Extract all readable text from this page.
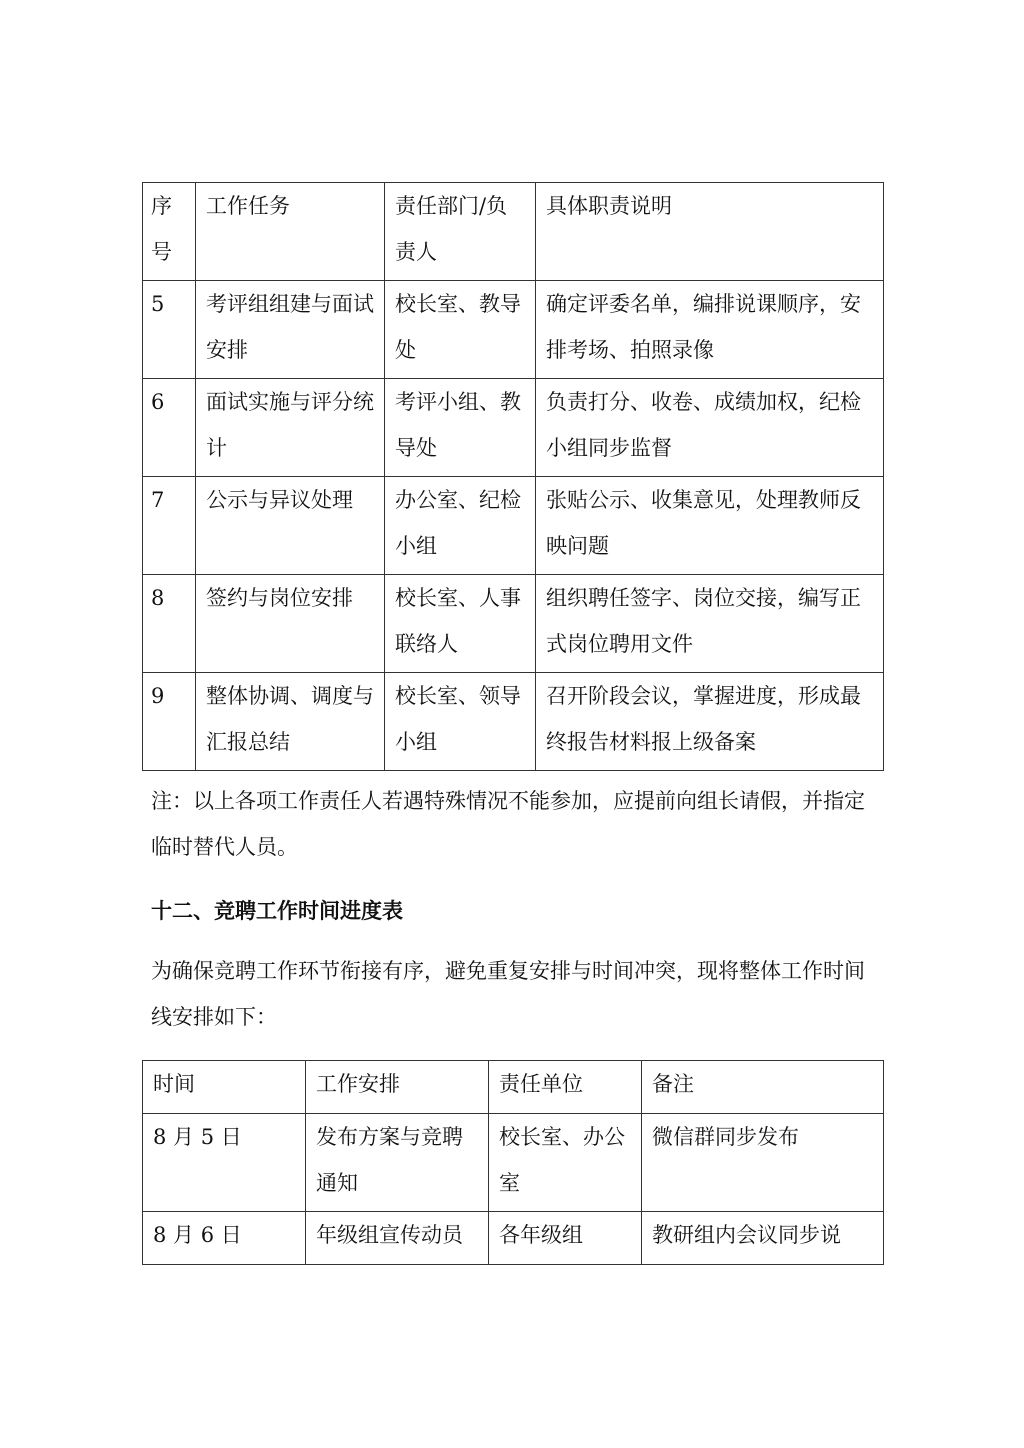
序号	工作任务	责任部门/负责人	具体职责说明
5	考评组组建与面试安排	校长室、教导处	确定评委名单，编排说课顺序，安排考场、拍照录像
6	面试实施与评分统计	考评小组、教导处	负责打分、收卷、成绩加权，纪检小组同步监督
7	公示与异议处理	办公室、纪检小组	张贴公示、收集意见，处理教师反映问题
8	签约与岗位安排	校长室、人事联络人	组织聘任签字、岗位交接，编写正式岗位聘用文件
9	整体协调、调度与汇报总结	校长室、领导小组	召开阶段会议，掌握进度，形成最终报告材料报上级备案
注：以上各项工作责任人若遇特殊情况不能参加，应提前向组长请假，并指定临时替代人员。
十二、竞聘工作时间进度表
为确保竞聘工作环节衔接有序，避免重复安排与时间冲突，现将整体工作时间线安排如下：
时间	工作安排	责任单位	备注
8 月 5 日	发布方案与竞聘通知	校长室、办公室	微信群同步发布
8 月 6 日	年级组宣传动员	各年级组	教研组内会议同步说
